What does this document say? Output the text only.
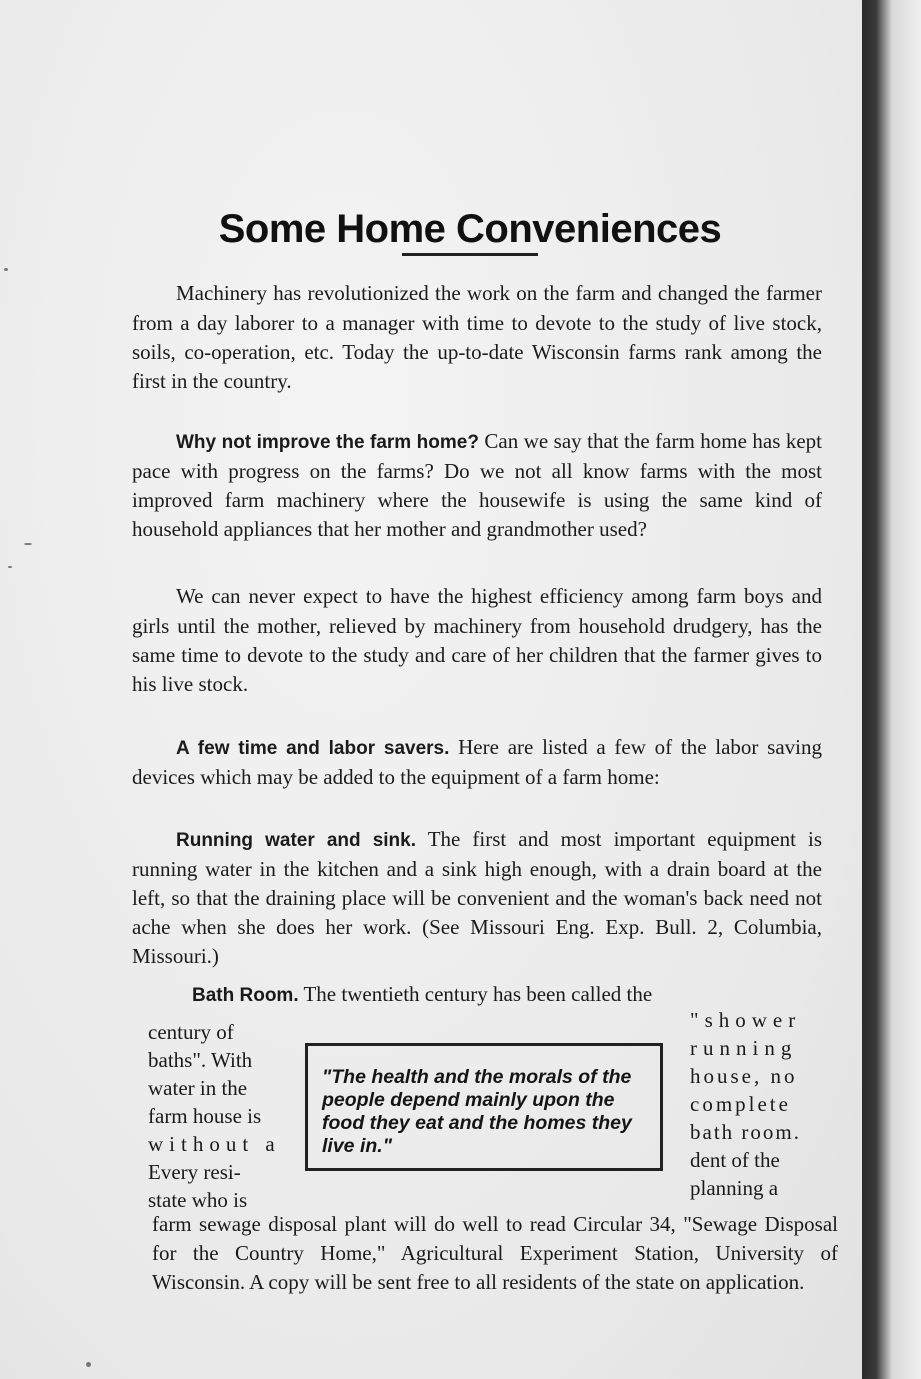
Some Home Conveniences
Machinery has revolutionized the work on the farm and changed the farmer from a day laborer to a manager with time to devote to the study of live stock, soils, co-operation, etc. Today the up-to-date Wisconsin farms rank among the first in the country.
Why not improve the farm home? Can we say that the farm home has kept pace with progress on the farms? Do we not all know farms with the most improved farm machinery where the housewife is using the same kind of household appliances that her mother and grandmother used?
We can never expect to have the highest efficiency among farm boys and girls until the mother, relieved by machinery from household drudgery, has the same time to devote to the study and care of her children that the farmer gives to his live stock.
A few time and labor savers. Here are listed a few of the labor saving devices which may be added to the equipment of a farm home:
Running water and sink. The first and most important equipment is running water in the kitchen and a sink high enough, with a drain board at the left, so that the draining place will be convenient and the woman's back need not ache when she does her work. (See Missouri Eng. Exp. Bull. 2, Columbia, Missouri.)
Bath Room. The twentieth century has been called the
century of
baths". With
water in the
farm house is
without a
Every resi-
state who is

"The health and the morals of the people depend mainly upon the food they eat and the homes they live in."

"shower
running
house, no
complete
bath room.
dent of the
planning a
farm sewage disposal plant will do well to read Circular 34, "Sewage Disposal for the Country Home," Agricultural Experiment Station, University of Wisconsin. A copy will be sent free to all residents of the state on application.
